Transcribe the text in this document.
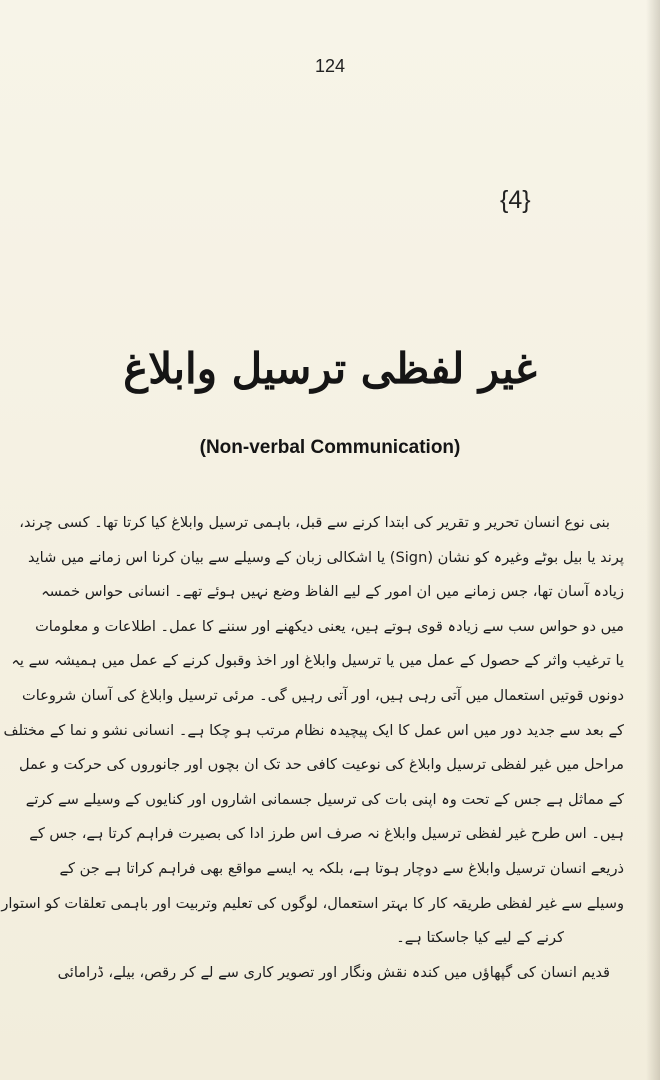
124
{4}
غیر لفظی ترسیل وابلاغ
(Non-verbal Communication)
بنی نوع انسان تحریر و تقریر کی ابتدا کرنے سے قبل، باہمی ترسیل وابلاغ کیا کرتا تھا۔ کسی چرند،
پرند یا بیل بوٹے وغیرہ کو نشان (Sign) یا اشکالی زبان کے وسیلے سے بیان کرنا اس زمانے میں شاید
زیادہ آسان تھا، جس زمانے میں ان امور کے لیے الفاظ وضع نہیں ہوئے تھے۔ انسانی حواس خمسہ
میں دو حواس سب سے زیادہ قوی ہوتے ہیں، یعنی دیکھنے اور سننے کا عمل۔ اطلاعات و معلومات
یا ترغیب واثر کے حصول کے عمل میں یا ترسیل وابلاغ اور اخذ وقبول کرنے کے عمل میں ہمیشہ سے یہ
دونوں قوتیں استعمال میں آتی رہی ہیں، اور آتی رہیں گی۔ مرئی ترسیل وابلاغ کی آسان شروعات
کے بعد سے جدید دور میں اس عمل کا ایک پیچیدہ نظام مرتب ہو چکا ہے۔ انسانی نشو و نما کے مختلف
مراحل میں غیر لفظی ترسیل وابلاغ کی نوعیت کافی حد تک ان بچوں اور جانوروں کی حرکت و عمل
کے مماثل ہے جس کے تحت وہ اپنی بات کی ترسیل جسمانی اشاروں اور کنایوں کے وسیلے سے کرتے
ہیں۔ اس طرح غیر لفظی ترسیل وابلاغ نہ صرف اس طرز ادا کی بصیرت فراہم کرتا ہے، جس کے
ذریعے انسان ترسیل وابلاغ سے دوچار ہوتا ہے، بلکہ یہ ایسے مواقع بھی فراہم کراتا ہے جن کے
وسیلے سے غیر لفظی طریقہ کار کا بہتر استعمال، لوگوں کی تعلیم وتربیت اور باہمی تعلقات کو استوار
کرنے کے لیے کیا جاسکتا ہے۔
قدیم انسان کی گپھاؤں میں کندہ نقش ونگار اور تصویر کاری سے لے کر رقص، بیلے، ڈرامائی
